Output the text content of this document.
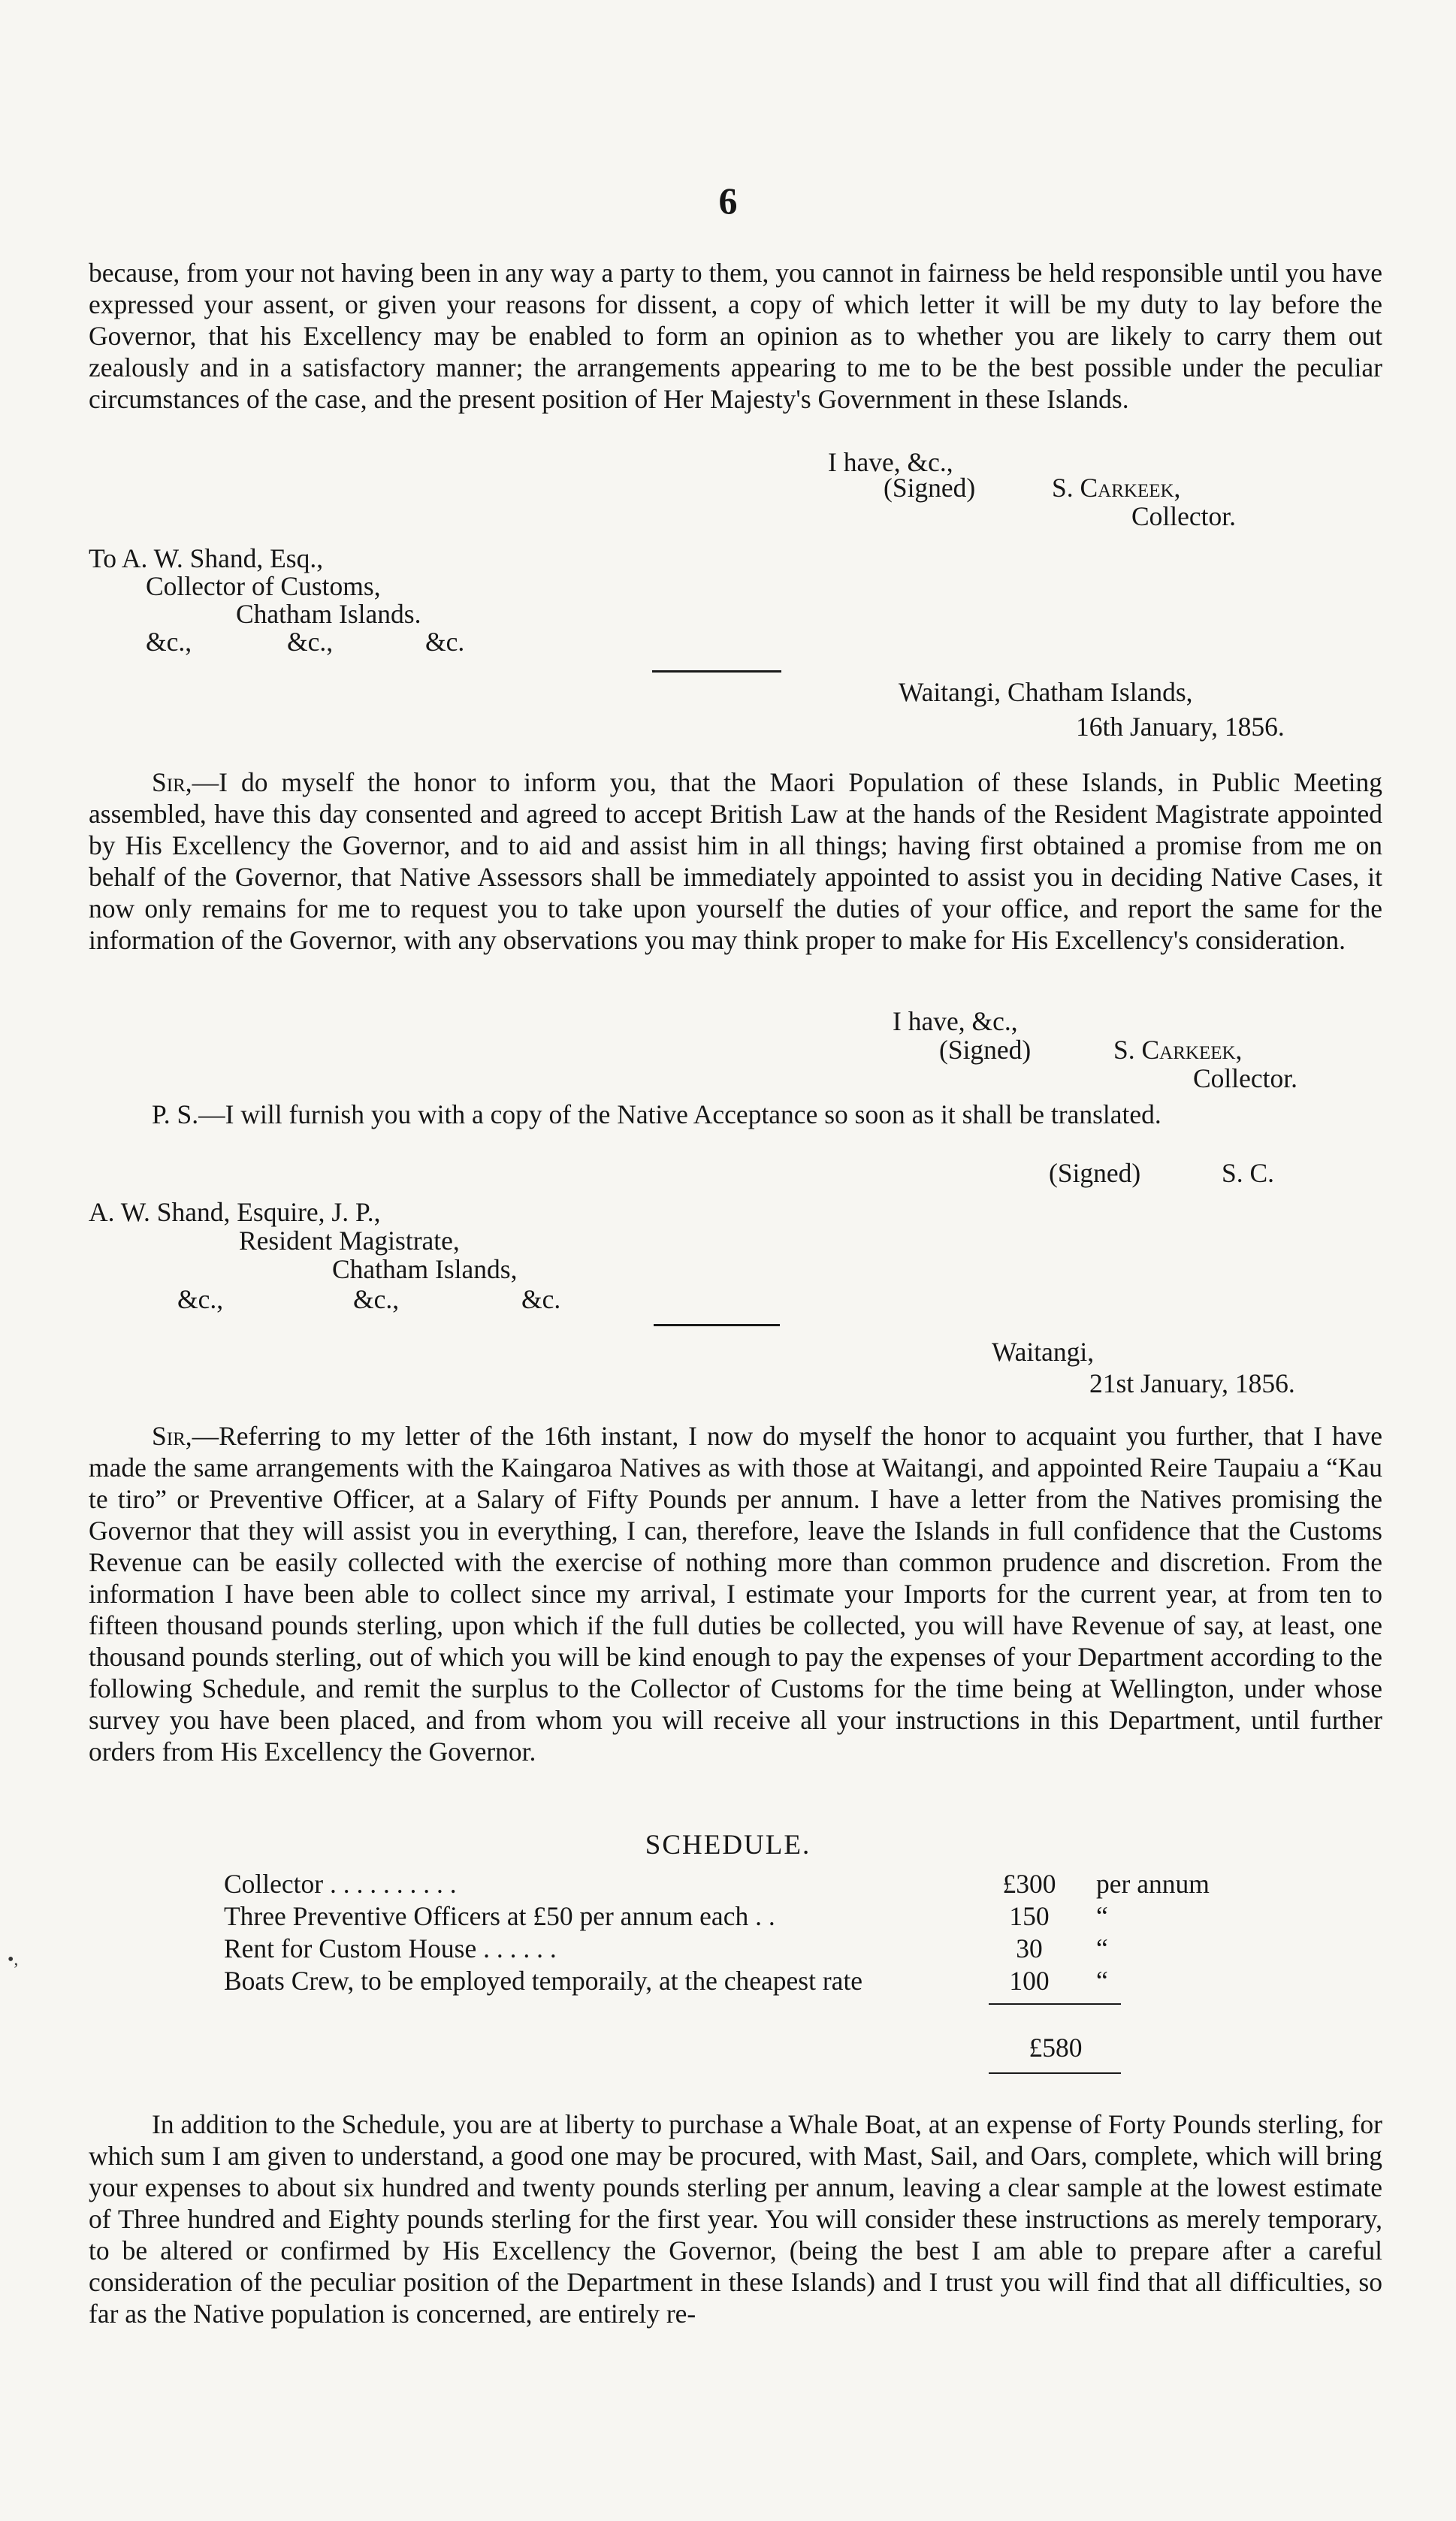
6
because, from your not having been in any way a party to them, you cannot in fairness be held responsible until you have expressed your assent, or given your reasons for dissent, a copy of which letter it will be my duty to lay before the Governor, that his Excellency may be enabled to form an opinion as to whether you are likely to carry them out zealously and in a satisfactory manner; the arrangements appearing to me to be the best possible under the peculiar circumstances of the case, and the present position of Her Majesty's Government in these Islands.
I have, &c.,
(Signed)	S. Carkeek,
Collector.
To A. W. Shand, Esq.,
Collector of Customs,
Chatham Islands.
&c.,	&c.,	&c.
Waitangi, Chatham Islands,
16th January, 1856.
Sir,—I do myself the honor to inform you, that the Maori Population of these Islands, in Public Meeting assembled, have this day consented and agreed to accept British Law at the hands of the Resident Magistrate appointed by His Excellency the Governor, and to aid and assist him in all things; having first obtained a promise from me on behalf of the Governor, that Native Assessors shall be immediately appointed to assist you in deciding Native Cases, it now only remains for me to request you to take upon yourself the duties of your office, and report the same for the information of the Governor, with any observations you may think proper to make for His Excellency's consideration.
I have, &c.,
(Signed)	S. Carkeek,
Collector.
P. S.—I will furnish you with a copy of the Native Acceptance so soon as it shall be translated.
(Signed)	S. C.
A. W. Shand, Esquire, J. P.,
Resident Magistrate,
Chatham Islands,
&c.,	&c.,	&c.
Waitangi,
21st January, 1856.
Sir,—Referring to my letter of the 16th instant, I now do myself the honor to acquaint you further, that I have made the same arrangements with the Kaingaroa Natives as with those at Waitangi, and appointed Reire Taupaiu a “Kau te tiro” or Preventive Officer, at a Salary of Fifty Pounds per annum. I have a letter from the Natives promising the Governor that they will assist you in everything, I can, therefore, leave the Islands in full confidence that the Customs Revenue can be easily collected with the exercise of nothing more than common prudence and discretion. From the information I have been able to collect since my arrival, I estimate your Imports for the current year, at from ten to fifteen thousand pounds sterling, upon which if the full duties be collected, you will have Revenue of say, at least, one thousand pounds sterling, out of which you will be kind enough to pay the expenses of your Department according to the following Schedule, and remit the surplus to the Collector of Customs for the time being at Wellington, under whose survey you have been placed, and from whom you will receive all your instructions in this Department, until further orders from His Excellency the Governor.
SCHEDULE.
Collector . . . . . . . . . .	£300	per annum
Three Preventive Officers at £50 per annum each . .	150	“
Rent for Custom House . . . . . .	30	“
Boats Crew, to be employed temporaily, at the cheapest rate	100	“
£580
In addition to the Schedule, you are at liberty to purchase a Whale Boat, at an expense of Forty Pounds sterling, for which sum I am given to understand, a good one may be procured, with Mast, Sail, and Oars, complete, which will bring your expenses to about six hundred and twenty pounds sterling per annum, leaving a clear sample at the lowest estimate of Three hundred and Eighty pounds sterling for the first year. You will consider these instructions as merely temporary, to be altered or confirmed by His Excellency the Governor, (being the best I am able to prepare after a careful consideration of the peculiar position of the Department in these Islands) and I trust you will find that all difficulties, so far as the Native population is concerned, are entirely re-
•,
